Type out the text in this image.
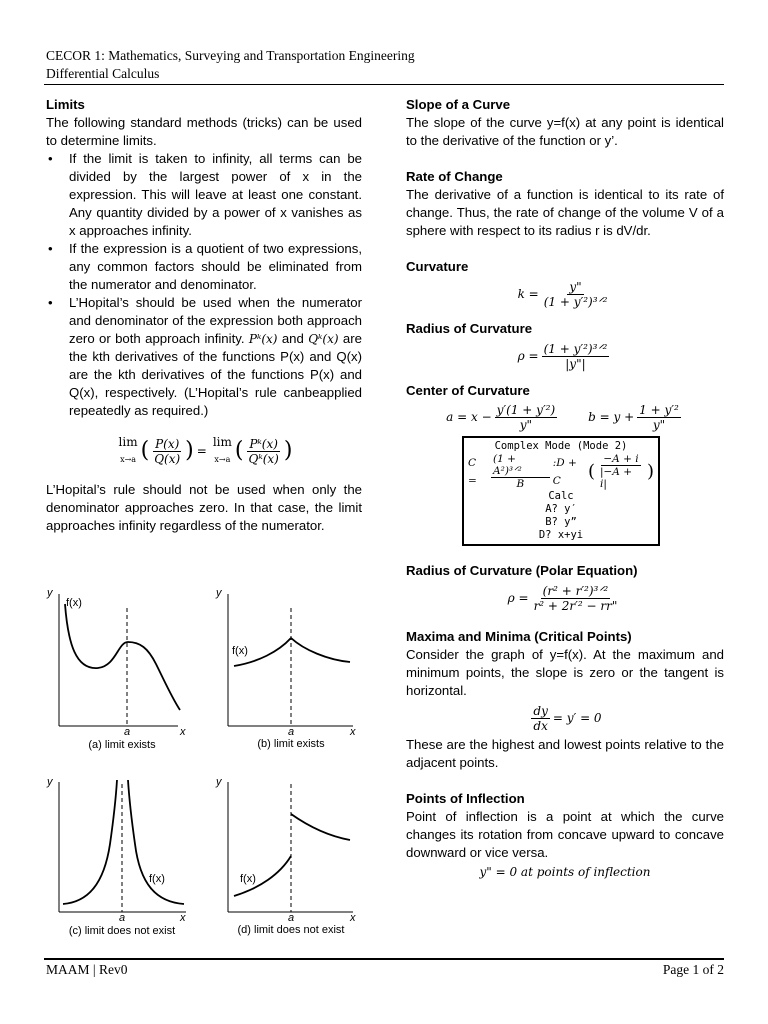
CECOR 1: Mathematics, Surveying and Transportation Engineering
Differential Calculus
Limits

The following standard methods (tricks) can be used to determine limits.

• If the limit is taken to infinity, all terms can be divided by the largest power of x in the expression. This will leave at least one constant. Any quantity divided by a power of x vanishes as x approaches infinity.
• If the expression is a quotient of two expressions, any common factors should be eliminated from the numerator and denominator.
• L’Hopital’s should be used when the numerator and denominator of the expression both approach zero or both approach infinity. Pᵏ(x) and Qᵏ(x) are the kth derivatives of the functions P(x) and Q(x) are the kth derivatives of the functions P(x) and Q(x), respectively. (L’Hopital’s rule canbeapplied repeatedly as required.)
lim
x→a ( $\frac{P(x)}{Q(x)}$ ) =
lim
x→a ( $\frac{\text{Pᵏ(x)}}{\text{Qᵏ(x)}}$ )

L’Hopital’s rule should not be used when only the denominator approaches zero. In that case, the limit approaches infinity regardless of the numerator.

y
f(x)
a	x
y
f(x)
a	x
y
f(x)
a	x
y
f(x)
a	x
(a) limit exists	(b) limit exists
(c) limit does not exist	(d) limit does not exist
Slope of a Curve

The slope of the curve y=f(x) at any point is identical to the derivative of the function or y’.

Rate of Change

The derivative of a function is identical to its rate of change. Thus, the rate of change of the volume V of a sphere with respect to its radius r is dV/dr.

Curvature
$k = \frac{y"}{\text{(1 + y′²)³ᐟ²}}$
Radius of Curvature
$\rho = \frac{\text{(1 + y′²)³ᐟ²}}{|y"|}$
Center of Curvature
$a = x - \frac{\text{y′(1 + y′²)}}{y"}$	$b = y + \frac{\text{1 + y′²}}{y"}$
Complex Mode (Mode 2)
C =	$\frac{\text{(1 + A²)³ᐟ²}}{B}$ :D + C	( $\frac{-A + i}{|-A + i|}$ )
Calc
A? y′
B? y”
D? x+yi
Radius of Curvature (Polar Equation)
$\rho = \frac{\text{(r² + r′²)³ᐟ²}}{\text{r² + 2r′² − rr"}}$
Maxima and Minima (Critical Points)

Consider the graph of y=f(x). At the maximum and minimum points, the slope is zero or the tangent is horizontal.

$\frac{dy}{dx} = y' = 0$

These are the highest and lowest points relative to the adjacent points.

Points of Inflection

Point of inflection is a point at which the curve changes its rotation from concave upward to concave downward or vice versa.

y" = 0 at points of inflection
MAAM | Rev0	Page 1 of 2
